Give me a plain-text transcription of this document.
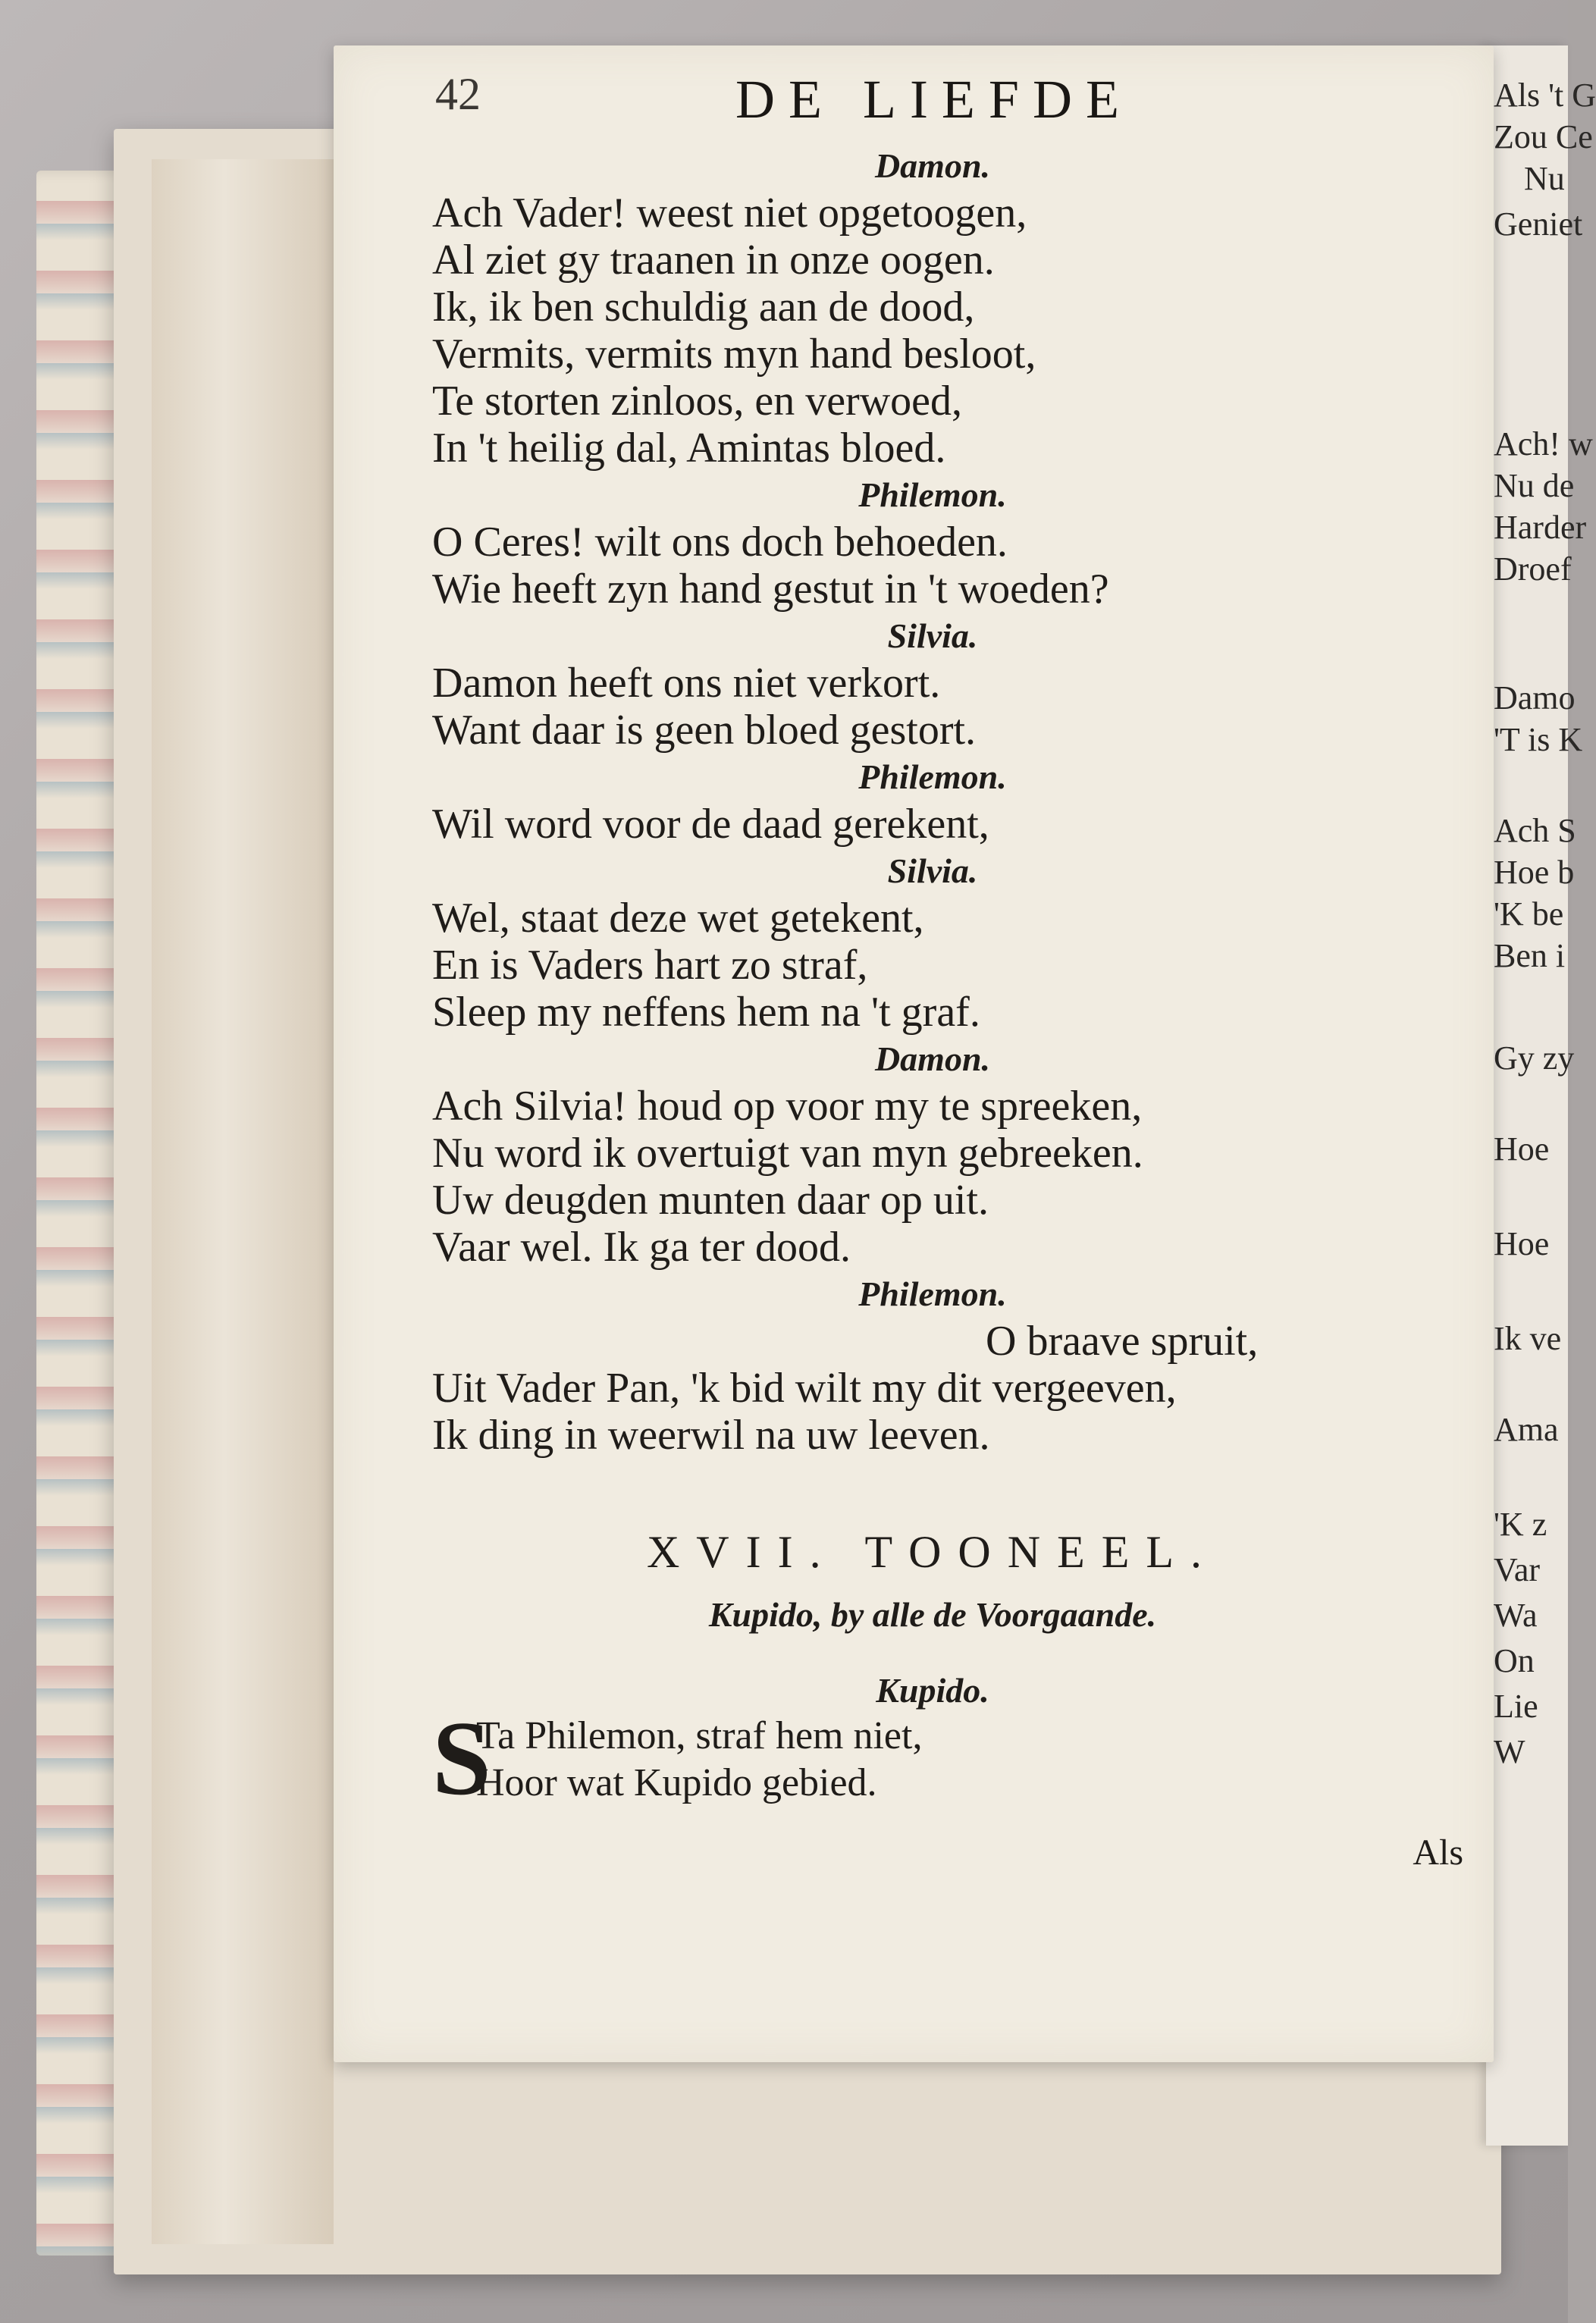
Als 't G
Zou Ce
Nu
Geniet
Ach! w
Nu de
Harder
Droef
Damo
'T is K
Ach S
Hoe b
'K be
Ben i
Gy zy
Hoe
Hoe
Ik ve
Ama
'K z
Var
Wa
On
Lie
W
42	DE LIEFDE
Damon.
Ach Vader! weest niet opgetoogen,
Al ziet gy traanen in onze oogen.
Ik, ik ben schuldig aan de dood,
Vermits, vermits myn hand besloot,
Te storten zinloos, en verwoed,
In 't heilig dal, Amintas bloed.
Philemon.
O Ceres! wilt ons doch behoeden.
Wie heeft zyn hand gestut in 't woeden?
Silvia.
Damon heeft ons niet verkort.
Want daar is geen bloed gestort.
Philemon.
Wil word voor de daad gerekent,
Silvia.
Wel, staat deze wet getekent,
En is Vaders hart zo straf,
Sleep my neffens hem na 't graf.
Damon.
Ach Silvia! houd op voor my te spreeken,
Nu word ik overtuigt van myn gebreeken.
Uw deugden munten daar op uit.
Vaar wel. Ik ga ter dood.
Philemon.
O braave spruit,
Uit Vader Pan, 'k bid wilt my dit vergeeven,
Ik ding in weerwil na uw leeven.
XVII. TOONEEL.
Kupido, by alle de Voorgaande.
Kupido.
S
Ta Philemon, straf hem niet,
Hoor wat Kupido gebied.
Als
